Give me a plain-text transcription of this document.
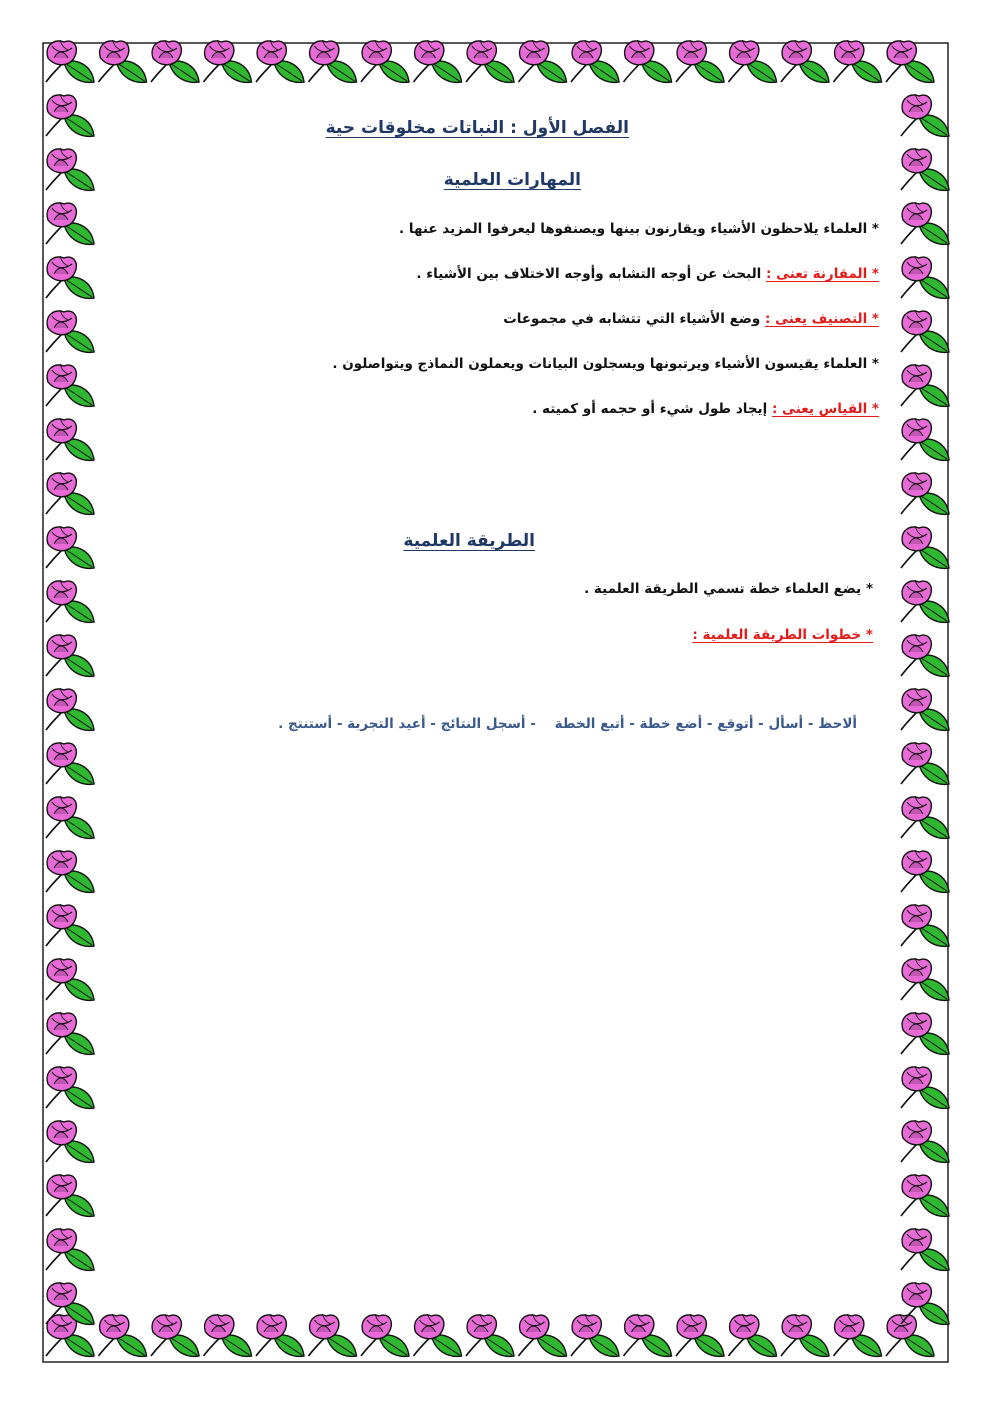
الفصل الأول : النباتات مخلوقات حية
المهارات العلمية
* العلماء يلاحظون الأشياء ويقارنون بينها ويصنفوها ليعرفوا المزيد عنها .
* المقارنة تعنى : البحث عن أوجه التشابه وأوجه الاختلاف بين الأشياء .
* التصنيف يعنى : وضع الأشياء التي تتشابه في مجموعات
* العلماء يقيسون الأشياء ويرتبونها ويسجلون البيانات ويعملون النماذج ويتواصلون .
* القياس يعنى : إيجاد طول شيء أو حجمه أو كميته .
الطريقة العلمية
* يضع العلماء خطة تسمي الطريقة العلمية .
* خطوات الطريقة العلمية :
ألاحظ - أسأل - أتوقع - أضع خطة - أتبع الخطة    - أسجل النتائج - أعيد التجربة - أستنتج .
